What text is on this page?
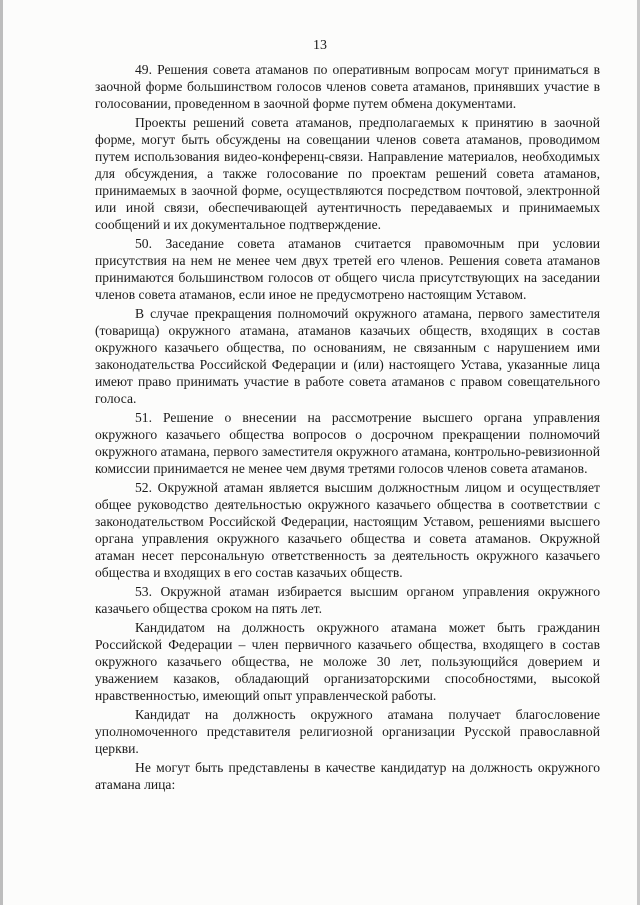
13

49. Решения совета атаманов по оперативным вопросам могут приниматься в заочной форме большинством голосов членов совета атаманов, принявших участие в голосовании, проведенном в заочной форме путем обмена документами.

Проекты решений совета атаманов, предполагаемых к принятию в заочной форме, могут быть обсуждены на совещании членов совета атаманов, проводимом путем использования видео-конференц-связи. Направление материалов, необходимых для обсуждения, а также голосование по проектам решений совета атаманов, принимаемых в заочной форме, осуществляются посредством почтовой, электронной или иной связи, обеспечивающей аутентичность передаваемых и принимаемых сообщений и их документальное подтверждение.

50. Заседание совета атаманов считается правомочным при условии присутствия на нем не менее чем двух третей его членов. Решения совета атаманов принимаются большинством голосов от общего числа присутствующих на заседании членов совета атаманов, если иное не предусмотрено настоящим Уставом.

В случае прекращения полномочий окружного атамана, первого заместителя (товарища) окружного атамана, атаманов казачьих обществ, входящих в состав окружного казачьего общества, по основаниям, не связанным с нарушением ими законодательства Российской Федерации и (или) настоящего Устава, указанные лица имеют право принимать участие в работе совета атаманов с правом совещательного голоса.

51. Решение о внесении на рассмотрение высшего органа управления окружного казачьего общества вопросов о досрочном прекращении полномочий окружного атамана, первого заместителя окружного атамана, контрольно-ревизионной комиссии принимается не менее чем двумя третями голосов членов совета атаманов.

52. Окружной атаман является высшим должностным лицом и осуществляет общее руководство деятельностью окружного казачьего общества в соответствии с законодательством Российской Федерации, настоящим Уставом, решениями высшего органа управления окружного казачьего общества и совета атаманов. Окружной атаман несет персональную ответственность за деятельность окружного казачьего общества и входящих в его состав казачьих обществ.

53. Окружной атаман избирается высшим органом управления окружного казачьего общества сроком на пять лет.

Кандидатом на должность окружного атамана может быть гражданин Российской Федерации – член первичного казачьего общества, входящего в состав окружного казачьего общества, не моложе 30 лет, пользующийся доверием и уважением казаков, обладающий организаторскими способностями, высокой нравственностью, имеющий опыт управленческой работы.

Кандидат на должность окружного атамана получает благословение уполномоченного представителя религиозной организации Русской православной церкви.

Не могут быть представлены в качестве кандидатур на должность окружного атамана лица:
